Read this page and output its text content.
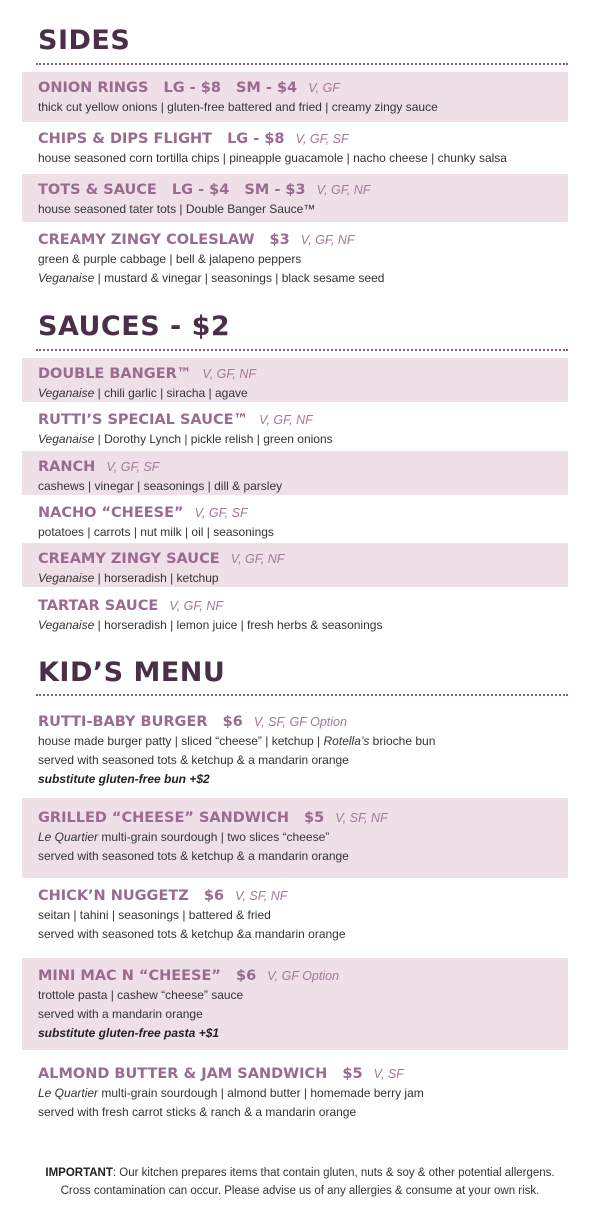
SIDES
ONION RINGS LG - $8 SM - $4 V, GF
thick cut yellow onions | gluten-free battered and fried | creamy zingy sauce
CHIPS & DIPS FLIGHT LG - $8 V, GF, SF
house seasoned corn tortilla chips | pineapple guacamole | nacho cheese | chunky salsa
TOTS & SAUCE LG - $4 SM - $3 V, GF, NF
house seasoned tater tots | Double Banger Sauce™
CREAMY ZINGY COLESLAW $3 V, GF, NF
green & purple cabbage | bell & jalapeno peppers
Veganaise | mustard & vinegar | seasonings | black sesame seed
SAUCES - $2
DOUBLE BANGER™ V, GF, NF
Veganaise | chili garlic | siracha | agave
RUTTI’S SPECIAL SAUCE™ V, GF, NF
Veganaise | Dorothy Lynch | pickle relish | green onions
RANCH V, GF, SF
cashews | vinegar | seasonings | dill & parsley
NACHO “CHEESE” V, GF, SF
potatoes | carrots | nut milk | oil | seasonings
CREAMY ZINGY SAUCE V, GF, NF
Veganaise | horseradish | ketchup
TARTAR SAUCE V, GF, NF
Veganaise | horseradish | lemon juice | fresh herbs & seasonings
KID’S MENU
RUTTI-BABY BURGER $6 V, SF, GF Option
house made burger patty | sliced “cheese” | ketchup | Rotella’s brioche bun
served with seasoned tots & ketchup & a mandarin orange
substitute gluten-free bun +$2
GRILLED “CHEESE” SANDWICH $5 V, SF, NF
Le Quartier multi-grain sourdough | two slices “cheese”
served with seasoned tots & ketchup & a mandarin orange
CHICK’N NUGGETZ $6 V, SF, NF
seitan | tahini | seasonings | battered & fried
served with seasoned tots & ketchup &a mandarin orange
MINI MAC N “CHEESE” $6 V, GF Option
trottole pasta | cashew “cheese” sauce
served with a mandarin orange
substitute gluten-free pasta +$1
ALMOND BUTTER & JAM SANDWICH $5 V, SF
Le Quartier multi-grain sourdough | almond butter | homemade berry jam
served with fresh carrot sticks & ranch & a mandarin orange
IMPORTANT: Our kitchen prepares items that contain gluten, nuts & soy & other potential allergens.
Cross contamination can occur. Please advise us of any allergies & consume at your own risk.
